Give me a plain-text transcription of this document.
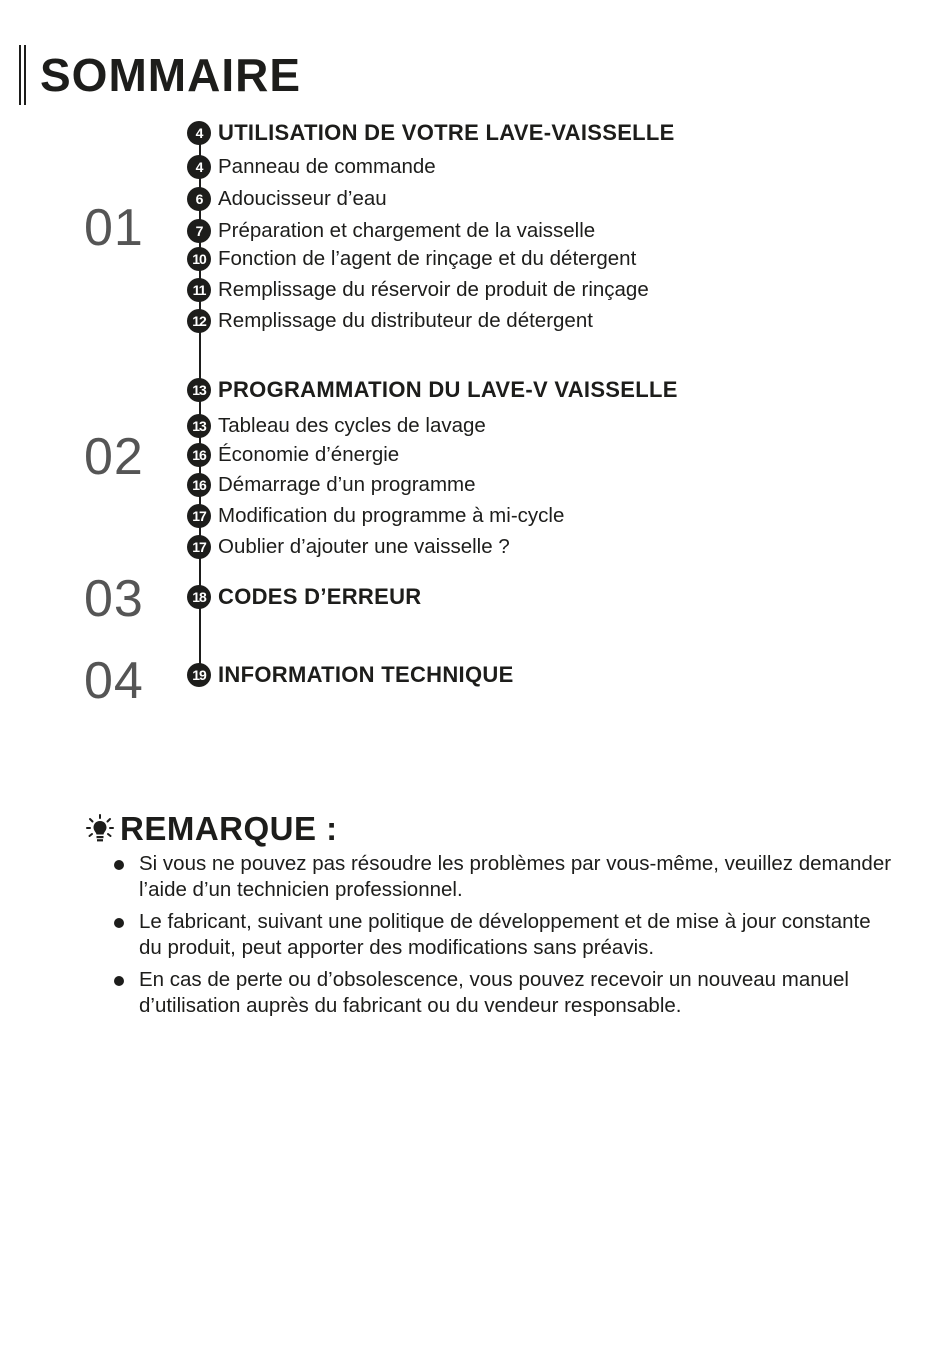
SOMMAIRE
01
02
03
04
4 UTILISATION DE VOTRE LAVE-VAISSELLE
4 Panneau de commande
6 Adoucisseur d’eau
7 Préparation et chargement de la vaisselle
10 Fonction de l’agent de rinçage et du détergent
11 Remplissage du réservoir de produit de rinçage
12 Remplissage du distributeur de détergent
13 PROGRAMMATION DU LAVE-V VAISSELLE
13 Tableau des cycles de lavage
16 Économie d’énergie
16 Démarrage d’un programme
17 Modification du programme à mi-cycle
17 Oublier d’ajouter une vaisselle ?
18 CODES D’ERREUR
19 INFORMATION TECHNIQUE
REMARQUE :
Si vous ne pouvez pas résoudre les problèmes par vous-même, veuillez demander l’aide d’un technicien professionnel.
Le fabricant, suivant une politique de développement et de mise à jour constante du produit, peut apporter des modifications sans préavis.
En cas de perte ou d’obsolescence, vous pouvez recevoir un nouveau manuel d’utilisation auprès du fabricant ou du vendeur responsable.
